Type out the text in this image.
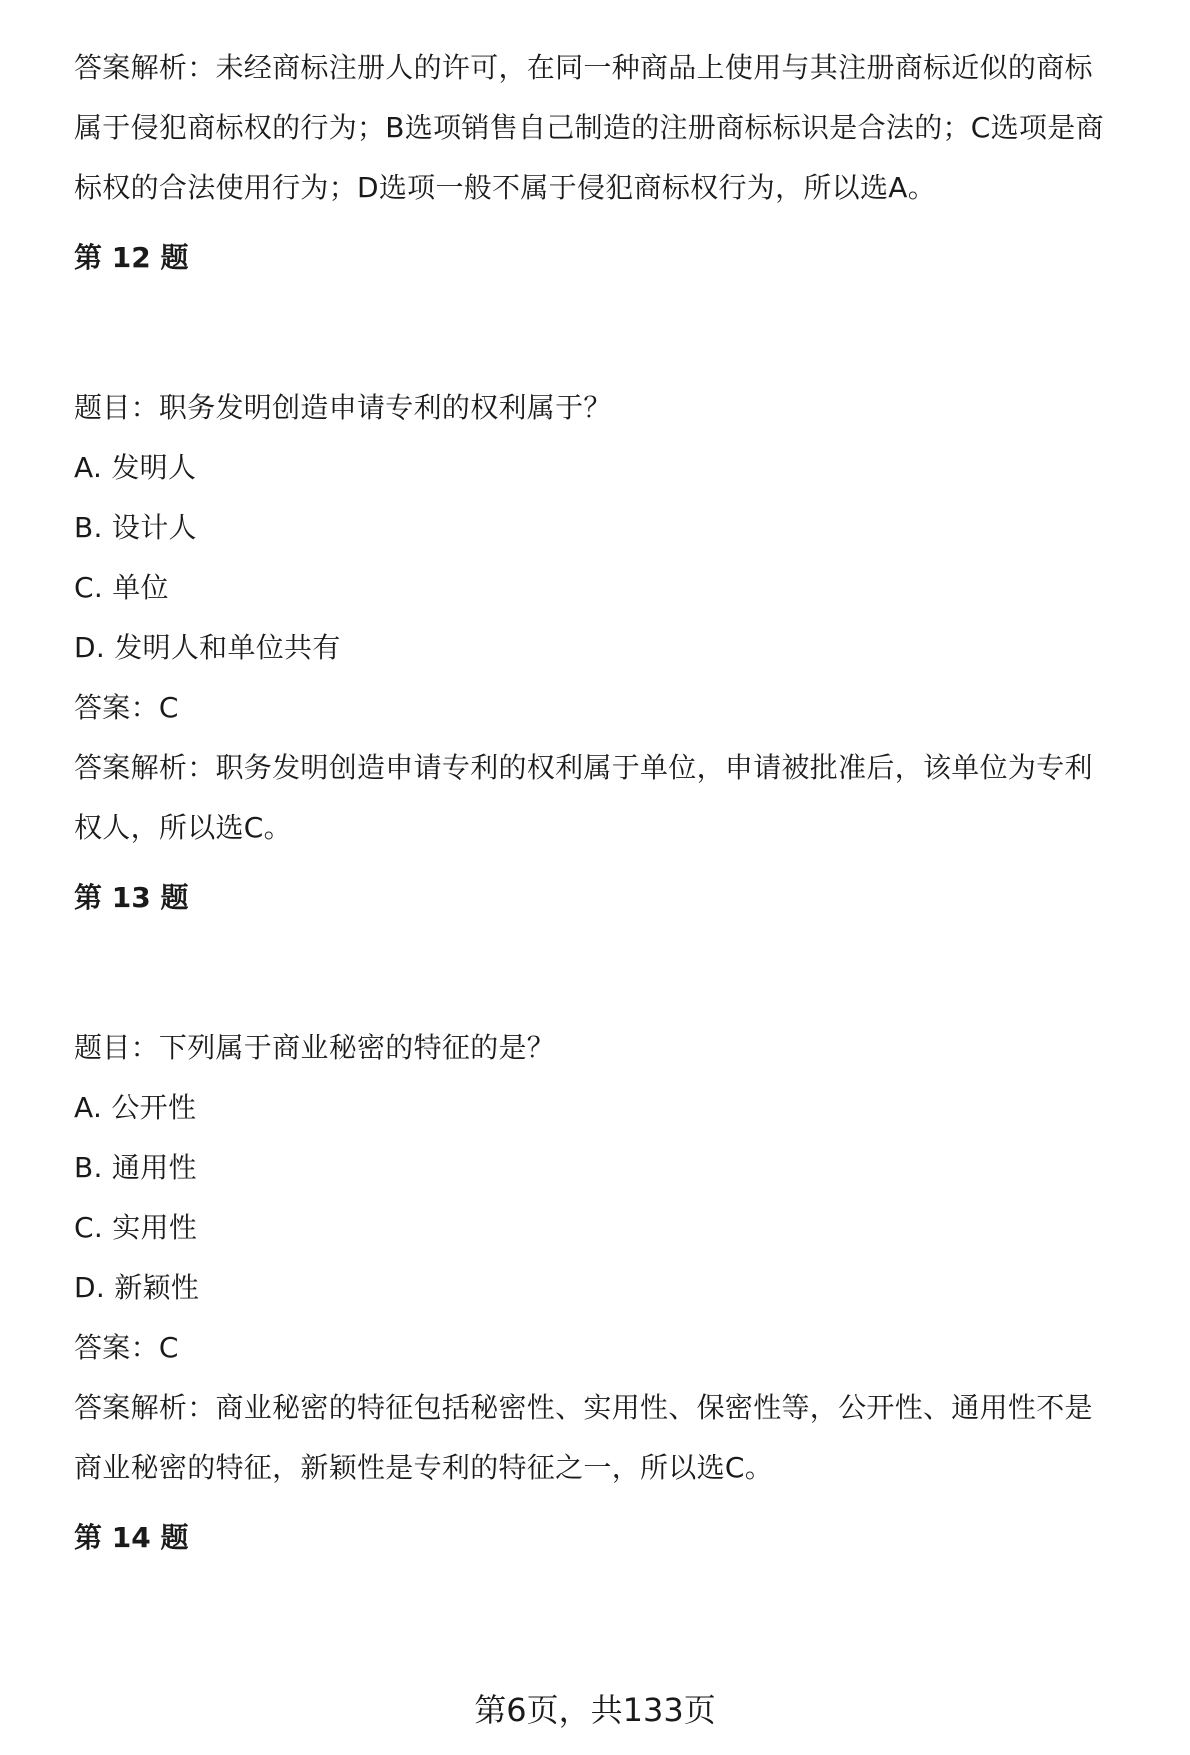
答案解析：未经商标注册人的许可，在同一种商品上使用与其注册商标近似的商标

属于侵犯商标权的行为；B选项销售自己制造的注册商标标识是合法的；C选项是商

标权的合法使用行为；D选项一般不属于侵犯商标权行为，所以选A。

第 12 题

题目：职务发明创造申请专利的权利属于？

A. 发明人

B. 设计人

C. 单位

D. 发明人和单位共有

答案：C

答案解析：职务发明创造申请专利的权利属于单位，申请被批准后，该单位为专利

权人，所以选C。

第 13 题

题目：下列属于商业秘密的特征的是？

A. 公开性

B. 通用性

C. 实用性

D. 新颖性

答案：C

答案解析：商业秘密的特征包括秘密性、实用性、保密性等，公开性、通用性不是

商业秘密的特征，新颖性是专利的特征之一，所以选C。

第 14 题

第6页，共133页
